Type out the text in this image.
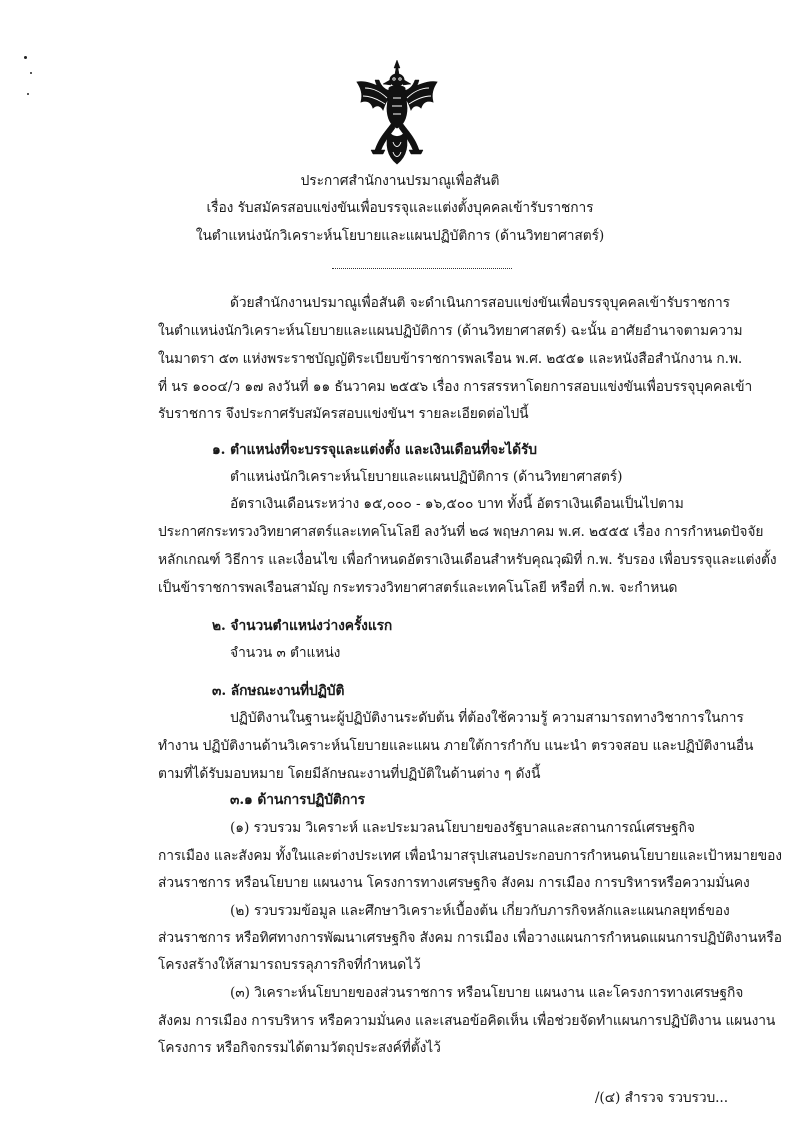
ประกาศสำนักงานปรมาณูเพื่อสันติ
เรื่อง รับสมัครสอบแข่งขันเพื่อบรรจุและแต่งตั้งบุคคลเข้ารับราชการ
ในตำแหน่งนักวิเคราะห์นโยบายและแผนปฏิบัติการ (ด้านวิทยาศาสตร์)
ด้วยสำนักงานปรมาณูเพื่อสันติ จะดำเนินการสอบแข่งขันเพื่อบรรจุบุคคลเข้ารับราชการ
ในตำแหน่งนักวิเคราะห์นโยบายและแผนปฏิบัติการ (ด้านวิทยาศาสตร์) ฉะนั้น อาศัยอำนาจตามความ
ในมาตรา ๕๓ แห่งพระราชบัญญัติระเบียบข้าราชการพลเรือน พ.ศ. ๒๕๕๑ และหนังสือสำนักงาน ก.พ.
ที่ นร ๑๐๐๔/ว ๑๗ ลงวันที่ ๑๑ ธันวาคม ๒๕๕๖ เรื่อง การสรรหาโดยการสอบแข่งขันเพื่อบรรจุบุคคลเข้า
รับราชการ จึงประกาศรับสมัครสอบแข่งขันฯ รายละเอียดต่อไปนี้
๑. ตำแหน่งที่จะบรรจุและแต่งตั้ง และเงินเดือนที่จะได้รับ
ตำแหน่งนักวิเคราะห์นโยบายและแผนปฏิบัติการ (ด้านวิทยาศาสตร์)
อัตราเงินเดือนระหว่าง ๑๕,๐๐๐ - ๑๖,๕๐๐ บาท ทั้งนี้ อัตราเงินเดือนเป็นไปตาม
ประกาศกระทรวงวิทยาศาสตร์และเทคโนโลยี ลงวันที่ ๒๘ พฤษภาคม พ.ศ. ๒๕๕๕ เรื่อง การกำหนดปัจจัย
หลักเกณฑ์ วิธีการ และเงื่อนไข เพื่อกำหนดอัตราเงินเดือนสำหรับคุณวุฒิที่ ก.พ. รับรอง เพื่อบรรจุและแต่งตั้ง
เป็นข้าราชการพลเรือนสามัญ กระทรวงวิทยาศาสตร์และเทคโนโลยี หรือที่ ก.พ. จะกำหนด
๒. จำนวนตำแหน่งว่างครั้งแรก
จำนวน ๓ ตำแหน่ง
๓. ลักษณะงานที่ปฏิบัติ
ปฏิบัติงานในฐานะผู้ปฏิบัติงานระดับต้น ที่ต้องใช้ความรู้ ความสามารถทางวิชาการในการ
ทำงาน ปฏิบัติงานด้านวิเคราะห์นโยบายและแผน ภายใต้การกำกับ แนะนำ ตรวจสอบ และปฏิบัติงานอื่น
ตามที่ได้รับมอบหมาย โดยมีลักษณะงานที่ปฏิบัติในด้านต่าง ๆ ดังนี้
๓.๑ ด้านการปฏิบัติการ
(๑) รวบรวม วิเคราะห์ และประมวลนโยบายของรัฐบาลและสถานการณ์เศรษฐกิจ
การเมือง และสังคม ทั้งในและต่างประเทศ เพื่อนำมาสรุปเสนอประกอบการกำหนดนโยบายและเป้าหมายของ
ส่วนราชการ หรือนโยบาย แผนงาน โครงการทางเศรษฐกิจ สังคม การเมือง การบริหารหรือความมั่นคง
(๒) รวบรวมข้อมูล และศึกษาวิเคราะห์เบื้องต้น เกี่ยวกับภารกิจหลักและแผนกลยุทธ์ของ
ส่วนราชการ หรือทิศทางการพัฒนาเศรษฐกิจ สังคม การเมือง เพื่อวางแผนการกำหนดแผนการปฏิบัติงานหรือ
โครงสร้างให้สามารถบรรลุภารกิจที่กำหนดไว้
(๓) วิเคราะห์นโยบายของส่วนราชการ หรือนโยบาย แผนงาน และโครงการทางเศรษฐกิจ
สังคม การเมือง การบริหาร หรือความมั่นคง และเสนอข้อคิดเห็น เพื่อช่วยจัดทำแผนการปฏิบัติงาน แผนงาน
โครงการ หรือกิจกรรมได้ตามวัตถุประสงค์ที่ตั้งไว้
/(๔) สำรวจ รวบรวบ...
